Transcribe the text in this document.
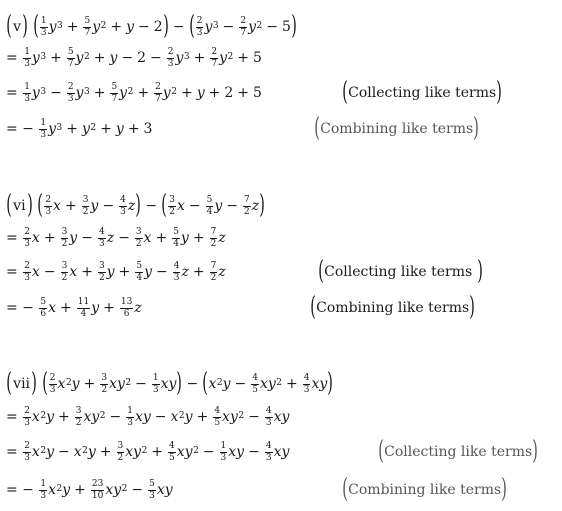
( v )
( $\frac{1}{3} y^3 + \frac{5}{7} y^2 + y - 2$ ) − ( $\frac{2}{3} y^3 - \frac{2}{7} y^2 - 5$ )
= $\frac{1}{3} y^3 + \frac{5}{7} y^2 + y - 2 - \frac{2}{3} y^3 + \frac{2}{7} y^2 + 5$
= $\frac{1}{3} y^3 - \frac{2}{3} y^3 + \frac{5}{7} y^2 + \frac{2}{7} y^2 + y + 2 + 5$	( Collecting like terms )
= − $\frac{1}{3} y^3 + y^2 + y + 3$	( Combining like terms )
( vi )
( $\frac{2}{3}$ $x + \frac{3}{2}$ $y - \frac{4}{3}$ z ) − ( $\frac{3}{2}$ $x - \frac{5}{4}$ $y - \frac{7}{2}$ z )
= $\frac{2}{3}$ $x + \frac{3}{2}$ $y - \frac{4}{3}$ $z - \frac{3}{2}$ $x + \frac{5}{4}$ $y + \frac{7}{2}$ z
= $\frac{2}{3}$ $x - \frac{3}{2}$ $x + \frac{3}{2}$ $y + \frac{5}{4}$ $y - \frac{4}{3}$ $z + \frac{7}{2}$ z	( Collecting like terms
)
= − $\frac{5}{6}$ $x + \frac{11}{4}$ $y + \frac{13}{6}$ z	( Combining like terms )
( vii )
( $\frac{2}{3} x^2$ $y + \frac{3}{2} xy^2 - \frac{1}{3}$ xy ) − ( $x^2$ $y - \frac{4}{5} xy^2 + \frac{4}{3}$ xy )
= $\frac{2}{3} x^2$ $y + \frac{3}{2} xy^2 - \frac{1}{3}$ xy − $x^2$ $y + \frac{4}{5} xy^2 - \frac{4}{3}$ xy
= $\frac{2}{3} x^2$ $y - x^2$ $y + \frac{3}{2} xy^2 + \frac{4}{5} xy^2 - \frac{1}{3}$ xy − $\frac{4}{3}$ xy	( Collecting like terms )
= − $\frac{1}{3} x^2$ $y + \frac{23}{10} xy^2 - \frac{5}{3}$ xy	( Combining like terms )
